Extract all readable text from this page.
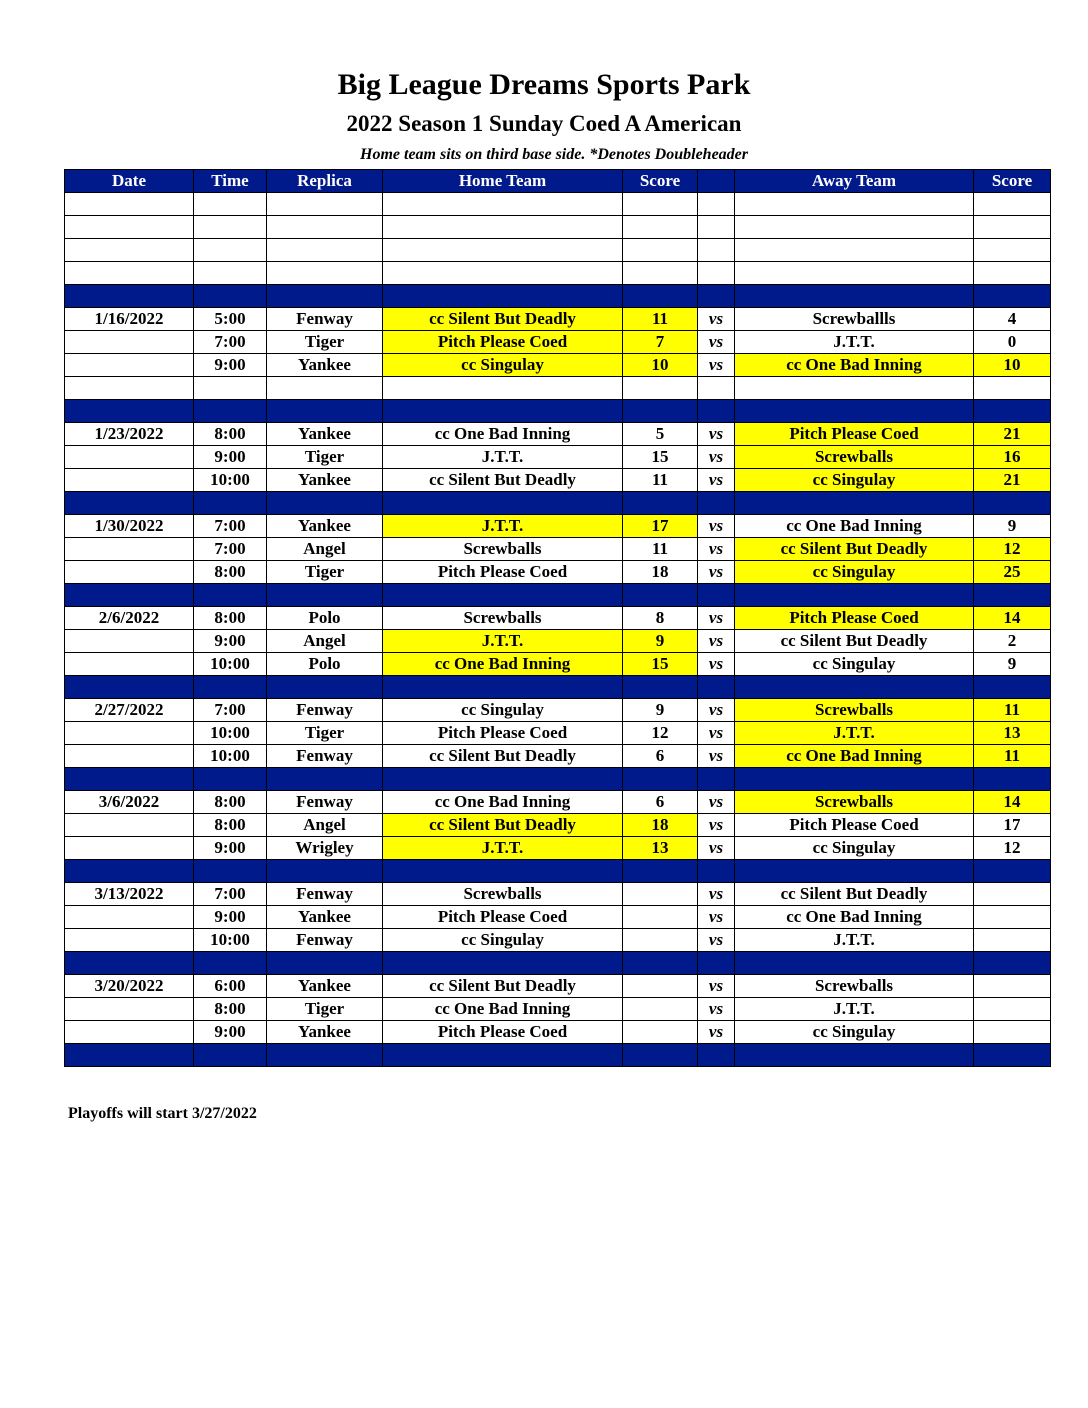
Big League Dreams Sports Park
2022 Season 1 Sunday Coed A American
Home team sits on third base side. *Denotes Doubleheader
Date	Time	Replica	Home Team	Score		Away Team	Score

1/16/2022	5:00	Fenway	cc Silent But Deadly	11	vs	Screwballls	4
	7:00	Tiger	Pitch Please Coed	7	vs	J.T.T.	0
	9:00	Yankee	cc Singulay	10	vs	cc One Bad Inning	10

1/23/2022	8:00	Yankee	cc One Bad Inning	5	vs	Pitch Please Coed	21
	9:00	Tiger	J.T.T.	15	vs	Screwballs	16
	10:00	Yankee	cc Silent But Deadly	11	vs	cc Singulay	21

1/30/2022	7:00	Yankee	J.T.T.	17	vs	cc One Bad Inning	9
	7:00	Angel	Screwballs	11	vs	cc Silent But Deadly	12
	8:00	Tiger	Pitch Please Coed	18	vs	cc Singulay	25

2/6/2022	8:00	Polo	Screwballs	8	vs	Pitch Please Coed	14
	9:00	Angel	J.T.T.	9	vs	cc Silent But Deadly	2
	10:00	Polo	cc One Bad Inning	15	vs	cc Singulay	9

2/27/2022	7:00	Fenway	cc Singulay	9	vs	Screwballs	11
	10:00	Tiger	Pitch Please Coed	12	vs	J.T.T.	13
	10:00	Fenway	cc Silent But Deadly	6	vs	cc One Bad Inning	11

3/6/2022	8:00	Fenway	cc One Bad Inning	6	vs	Screwballs	14
	8:00	Angel	cc Silent But Deadly	18	vs	Pitch Please Coed	17
	9:00	Wrigley	J.T.T.	13	vs	cc Singulay	12

3/13/2022	7:00	Fenway	Screwballs		vs	cc Silent But Deadly	
	9:00	Yankee	Pitch Please Coed		vs	cc One Bad Inning	
	10:00	Fenway	cc Singulay		vs	J.T.T.	

3/20/2022	6:00	Yankee	cc Silent But Deadly		vs	Screwballs	
	8:00	Tiger	cc One Bad Inning		vs	J.T.T.	
	9:00	Yankee	Pitch Please Coed		vs	cc Singulay	

Playoffs will start 3/27/2022
